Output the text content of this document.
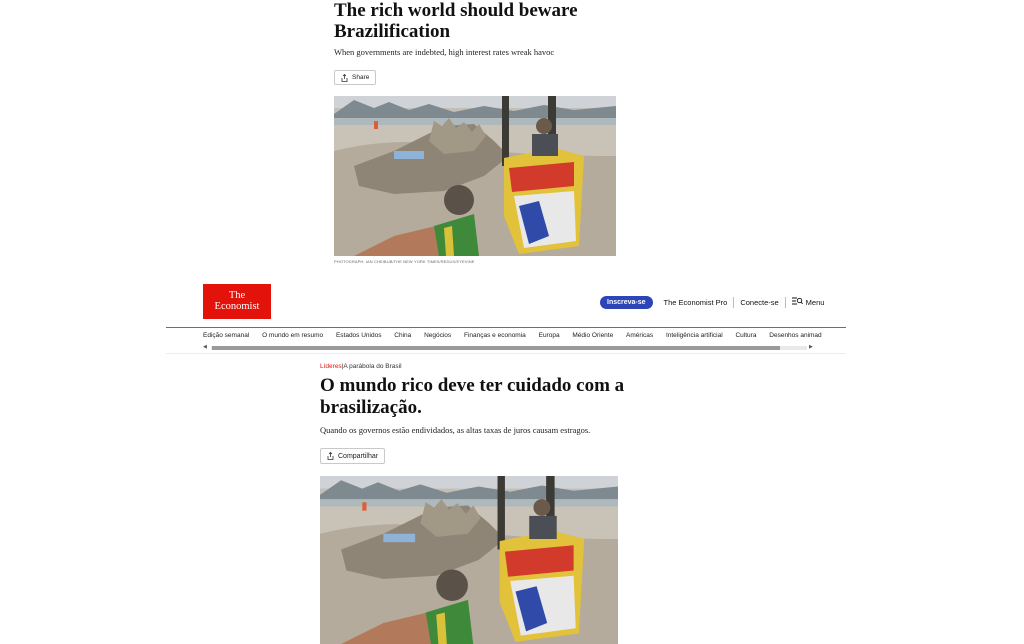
The rich world should beware Brazilification

When governments are indebted, high interest rates wreak havoc

Share

PHOTOGRAPH: IAN CHEIBUB/THE NEW YORK TIMES/REDUX/EYEVINE

The
Economist	Inscreva-se	The Economist Pro Conecte-se	Menu
Edição semanal O mundo em resumo Estados Unidos China Negócios Finanças e economia Europa Médio Oriente Américas Inteligência artificial Cultura Desenhos animad
◀	▶
Líderes|A parábola do Brasil
O mundo rico deve ter cuidado com a brasilização.

Quando os governos estão endividados, as altas taxas de juros causam estragos.

Compartilhar
